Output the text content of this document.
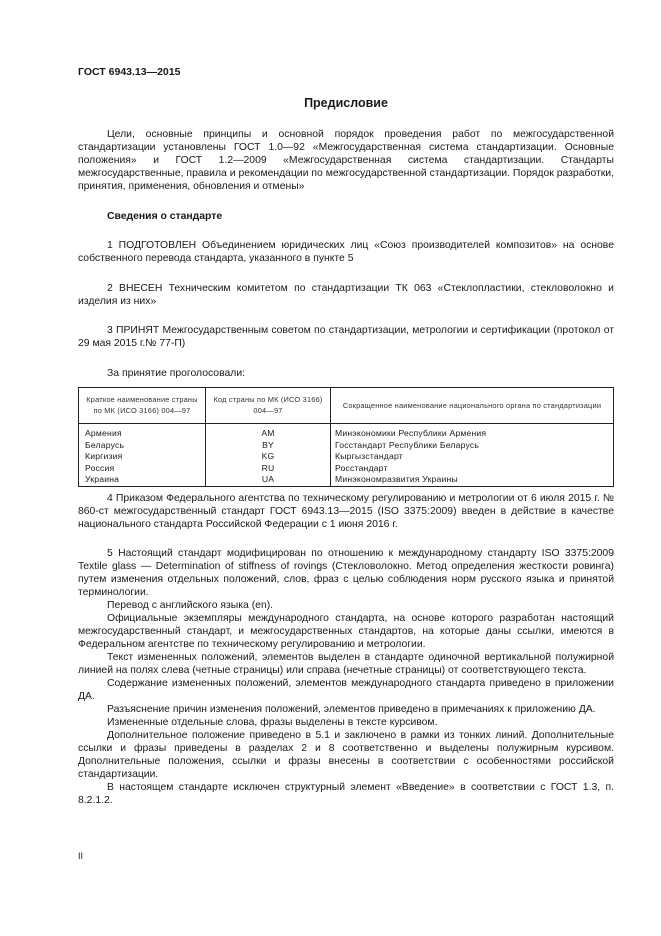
ГОСТ 6943.13—2015
Предисловие

Цели, основные принципы и основной порядок проведения работ по межгосударственной стандартизации установлены ГОСТ 1.0—92 «Межгосударственная система стандартизации. Основные положения» и ГОСТ 1.2—2009 «Межгосударственная система стандартизации. Стандарты межгосударственные, правила и рекомендации по межгосударственной стандартизации. Порядок разработки, принятия, применения, обновления и отмены»

Сведения о стандарте

1 ПОДГОТОВЛЕН Объединением юридических лиц «Союз производителей композитов» на основе собственного перевода стандарта, указанного в пункте 5

2 ВНЕСЕН Техническим комитетом по стандартизации ТК 063 «Стеклопластики, стекловолокно и изделия из них»

3 ПРИНЯТ Межгосударственным советом по стандартизации, метрологии и сертификации (протокол от 29 мая 2015 г.№ 77-П)

За принятие проголосовали:

Краткое наименование страны по МК (ИСО 3166) 004—97	Код страны по МК (ИСО 3166) 004—97	Сокращенное наименование национального органа по стандартизации
Армения	AM	Минэкономики Республики Армения
Беларусь	BY	Госстандарт Республики Беларусь
Киргизия	KG	Кыргызстандарт
Россия	RU	Росстандарт
Украина	UA	Минэкономразвития Украины

4 Приказом Федерального агентства по техническому регулированию и метрологии от 6 июля 2015 г. № 860-ст межгосударственный стандарт ГОСТ 6943.13—2015 (ISO 3375:2009) введен в действие в качестве национального стандарта Российской Федерации с 1 июня 2016 г.

5 Настоящий стандарт модифицирован по отношению к международному стандарту ISO 3375:2009 Textile glass — Determination of stiffness of rovings (Стекловолокно. Метод определения жесткости ровинга) путем изменения отдельных положений, слов, фраз с целью соблюдения норм русского языка и принятой терминологии.

Перевод с английского языка (en).

Официальные экземпляры международного стандарта, на основе которого разработан настоящий межгосударственный стандарт, и межгосударственных стандартов, на которые даны ссылки, имеются в Федеральном агентстве по техническому регулированию и метрологии.

Текст измененных положений, элементов выделен в стандарте одиночной вертикальной полужирной линией на полях слева (четные страницы) или справа (нечетные страницы) от соответствующего текста.

Содержание измененных положений, элементов международного стандарта приведено в приложении ДА.

Разъяснение причин изменения положений, элементов приведено в примечаниях к приложению ДА.

Измененные отдельные слова, фразы выделены в тексте курсивом.

Дополнительное положение приведено в 5.1 и заключено в рамки из тонких линий. Дополнительные ссылки и фразы приведены в разделах 2 и 8 соответственно и выделены полужирным курсивом. Дополнительные положения, ссылки и фразы внесены в соответствии с особенностями российской стандартизации.

В настоящем стандарте исключен структурный элемент «Введение» в соответствии с ГОСТ 1.3, п. 8.2.1.2.

II
